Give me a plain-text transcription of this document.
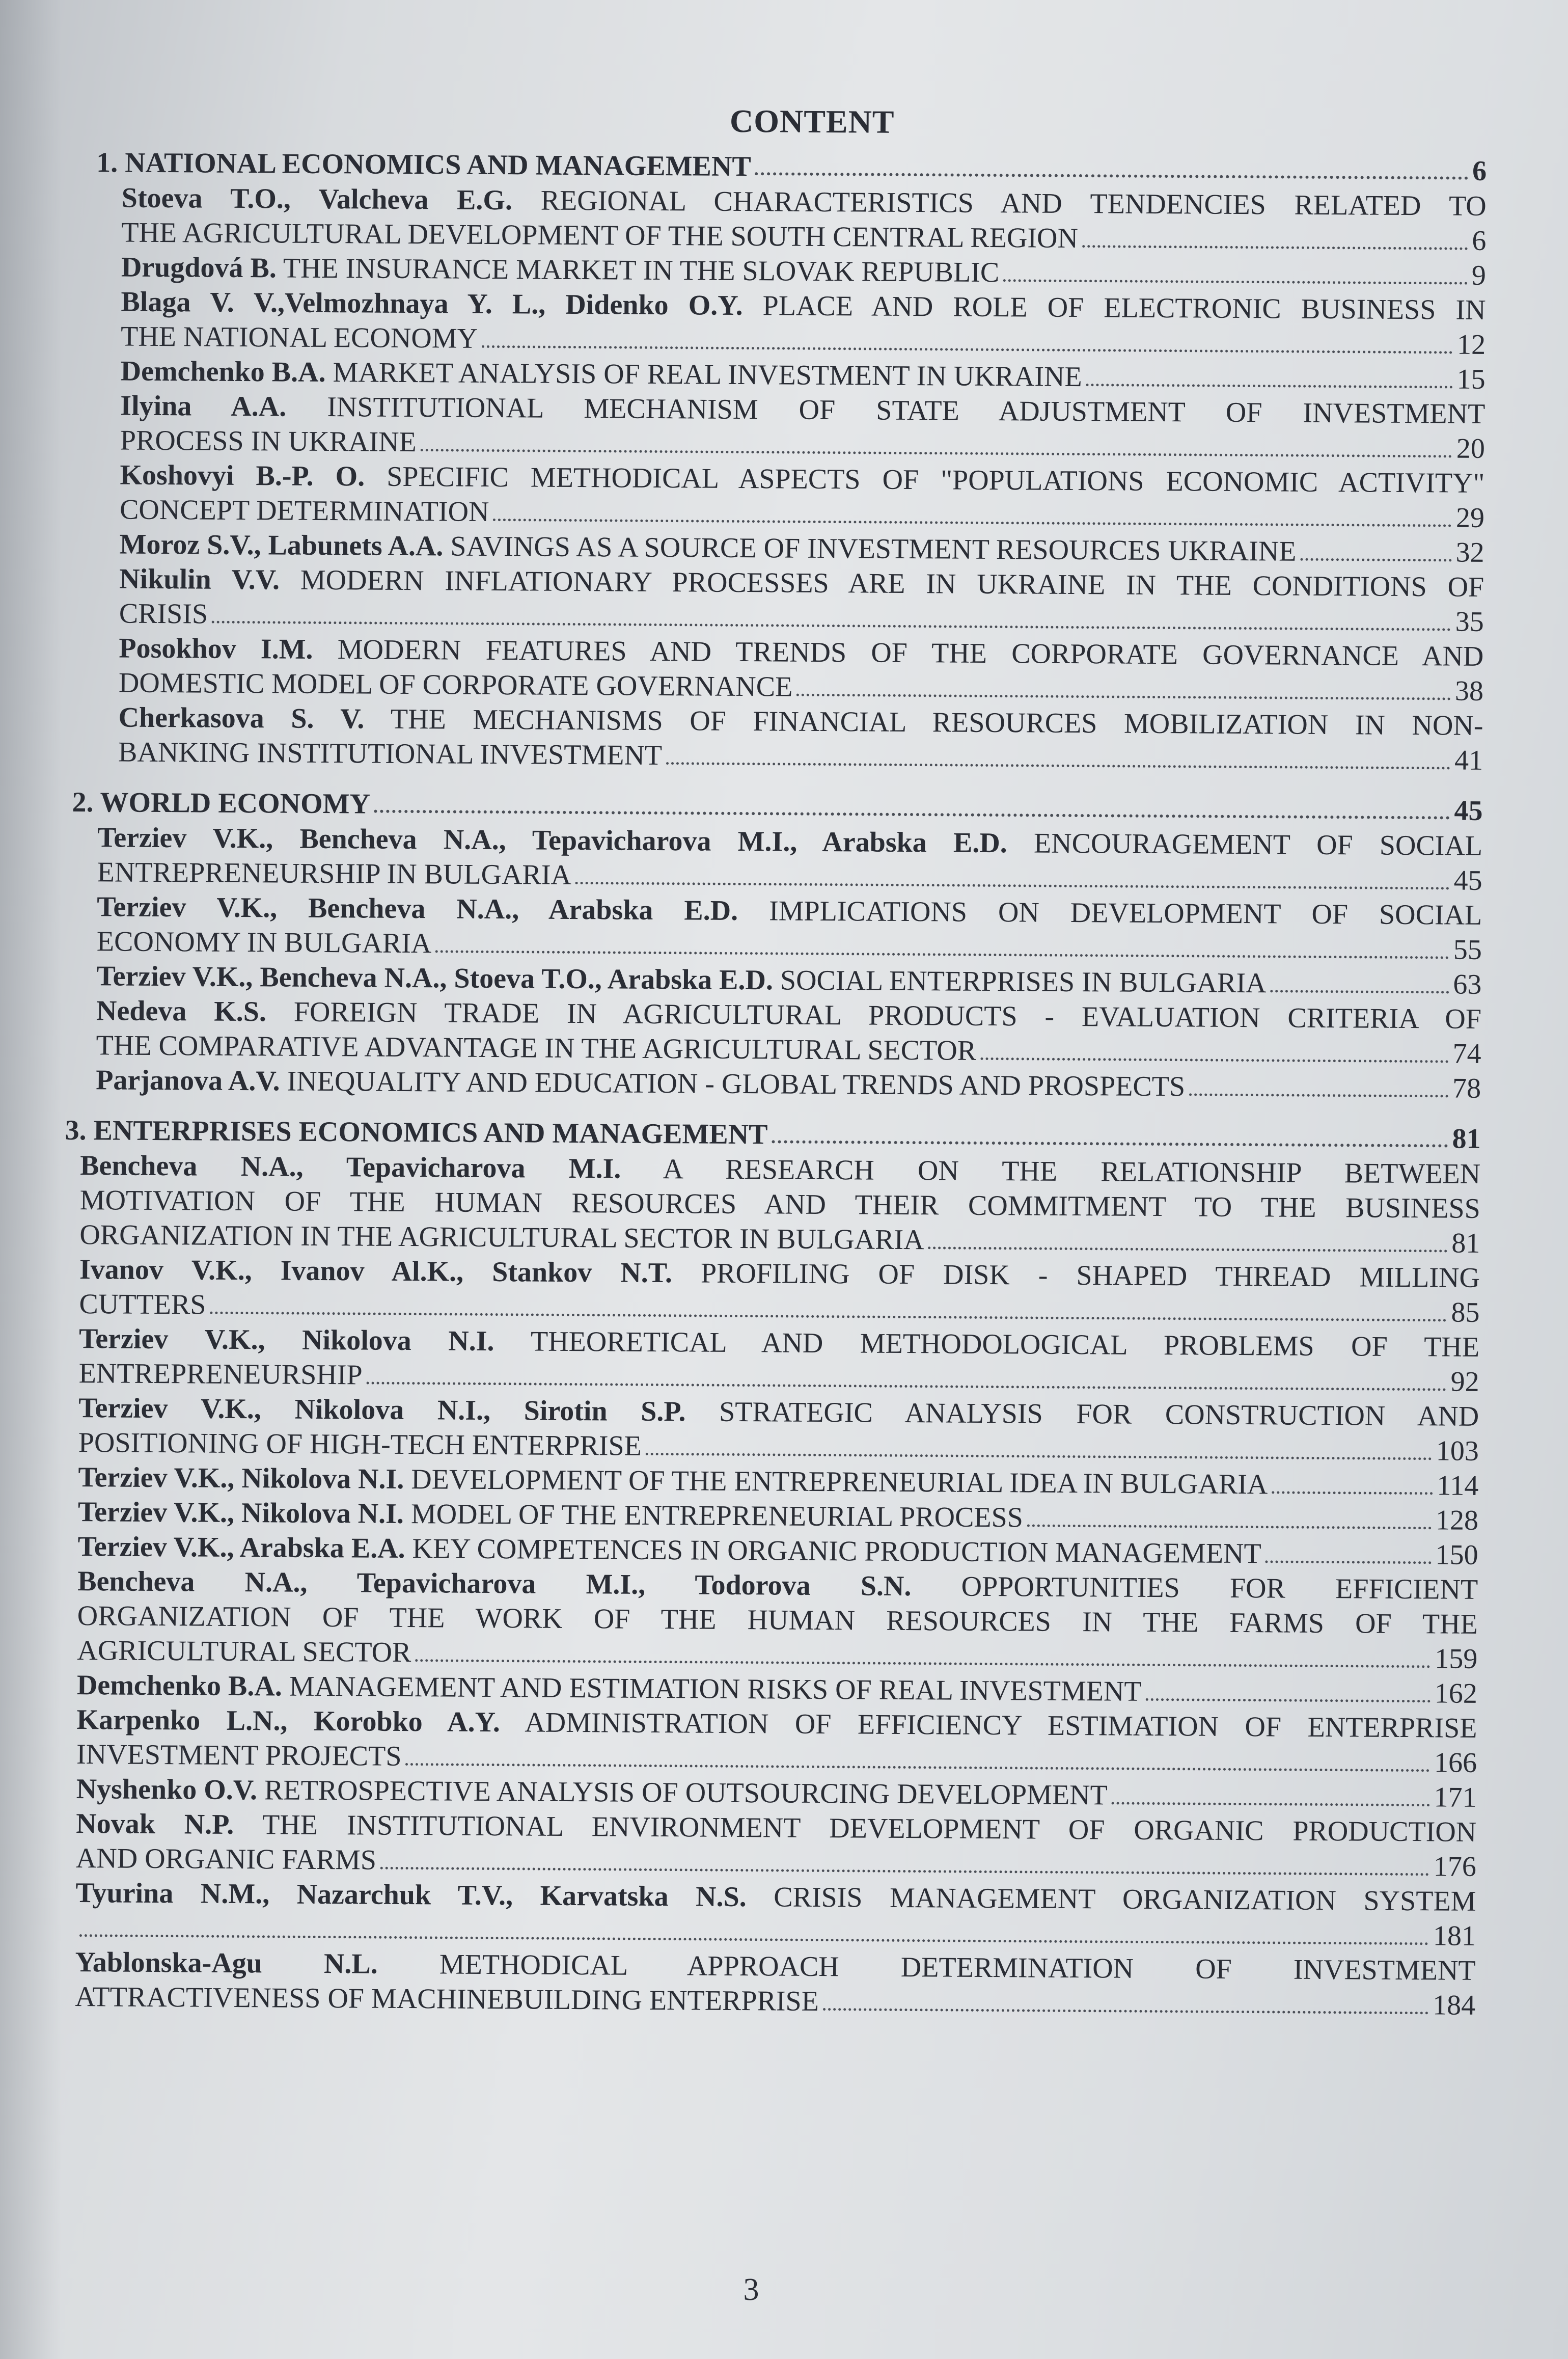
CONTENT
1. NATIONAL ECONOMICS AND MANAGEMENT	6
Stoeva T.O., Valcheva E.G. REGIONAL CHARACTERISTICS AND TENDENCIES RELATED TO
THE AGRICULTURAL DEVELOPMENT OF THE SOUTH CENTRAL REGION	6
Drugdová B. THE INSURANCE MARKET IN THE SLOVAK REPUBLIC	9
Blaga V. V.,Velmozhnaya Y. L., Didenko O.Y. PLACE AND ROLE OF ELECTRONIC BUSINESS IN
THE NATIONAL ECONOMY	12
Demchenko B.A. MARKET ANALYSIS OF REAL INVESTMENT IN UKRAINE	15
Ilyina A.A. INSTITUTIONAL MECHANISM OF STATE ADJUSTMENT OF INVESTMENT
PROCESS IN UKRAINE	20
Koshovyi B.-P. O. SPECIFIC METHODICAL ASPECTS OF "POPULATIONS ECONOMIC ACTIVITY"
CONCEPT DETERMINATION	29
Moroz S.V., Labunets A.A. SAVINGS AS A SOURCE OF INVESTMENT RESOURCES UKRAINE	32
Nikulin V.V. MODERN INFLATIONARY PROCESSES ARE IN UKRAINE IN THE CONDITIONS OF
CRISIS	35
Posokhov I.M. MODERN FEATURES AND TRENDS OF THE CORPORATE GOVERNANCE AND
DOMESTIC MODEL OF CORPORATE GOVERNANCE	38
Cherkasova S. V. THE MECHANISMS OF FINANCIAL RESOURCES MOBILIZATION IN NON-
BANKING INSTITUTIONAL INVESTMENT	41
2. WORLD ECONOMY	45
Terziev V.K., Bencheva N.A., Tepavicharova M.I., Arabska E.D. ENCOURAGEMENT OF SOCIAL
ENTREPRENEURSHIP IN BULGARIA	45
Terziev V.K., Bencheva N.A., Arabska E.D. IMPLICATIONS ON DEVELOPMENT OF SOCIAL
ECONOMY IN BULGARIA	55
Terziev V.K., Bencheva N.A., Stoeva T.O., Arabska E.D. SOCIAL ENTERPRISES IN BULGARIA	63
Nedeva K.S. FOREIGN TRADE IN AGRICULTURAL PRODUCTS - EVALUATION CRITERIA OF
THE COMPARATIVE ADVANTAGE IN THE AGRICULTURAL SECTOR	74
Parjanova A.V. INEQUALITY AND EDUCATION - GLOBAL TRENDS AND PROSPECTS	78
3. ENTERPRISES ECONOMICS AND MANAGEMENT	81
Bencheva N.A., Tepavicharova M.I. A RESEARCH ON THE RELATIONSHIP BETWEEN
MOTIVATION OF THE HUMAN RESOURCES AND THEIR COMMITMENT TO THE BUSINESS
ORGANIZATION IN THE AGRICULTURAL SECTOR IN BULGARIA	81
Ivanov V.K., Ivanov Al.K., Stankov N.T. PROFILING OF DISK - SHAPED THREAD MILLING
CUTTERS	85
Terziev V.K., Nikolova N.I. THEORETICAL AND METHODOLOGICAL PROBLEMS OF THE
ENTREPRENEURSHIP	92
Terziev V.K., Nikolova N.I., Sirotin S.P. STRATEGIC ANALYSIS FOR CONSTRUCTION AND
POSITIONING OF HIGH-TECH ENTERPRISE	103
Terziev V.K., Nikolova N.I. DEVELOPMENT OF THE ENTREPRENEURIAL IDEA IN BULGARIA	114
Terziev V.K., Nikolova N.I. MODEL OF THE ENTREPRENEURIAL PROCESS	128
Terziev V.K., Arabska E.A. KEY COMPETENCES IN ORGANIC PRODUCTION MANAGEMENT	150
Bencheva N.A., Tepavicharova M.I., Todorova S.N. OPPORTUNITIES FOR EFFICIENT
ORGANIZATION OF THE WORK OF THE HUMAN RESOURCES IN THE FARMS OF THE
AGRICULTURAL SECTOR	159
Demchenko B.A. MANAGEMENT AND ESTIMATION RISKS OF REAL INVESTMENT	162
Karpenko L.N., Korobko A.Y. ADMINISTRATION OF EFFICIENCY ESTIMATION OF ENTERPRISE
INVESTMENT PROJECTS	166
Nyshenko O.V. RETROSPECTIVE ANALYSIS OF OUTSOURCING DEVELOPMENT	171
Novak N.P. THE INSTITUTIONAL ENVIRONMENT DEVELOPMENT OF ORGANIC PRODUCTION
AND ORGANIC FARMS	176
Tyurina N.M., Nazarchuk T.V., Karvatska N.S. CRISIS MANAGEMENT ORGANIZATION SYSTEM
181
Yablonska-Agu N.L. METHODICAL APPROACH DETERMINATION OF INVESTMENT
ATTRACTIVENESS OF MACHINEBUILDING ENTERPRISE	184
3
